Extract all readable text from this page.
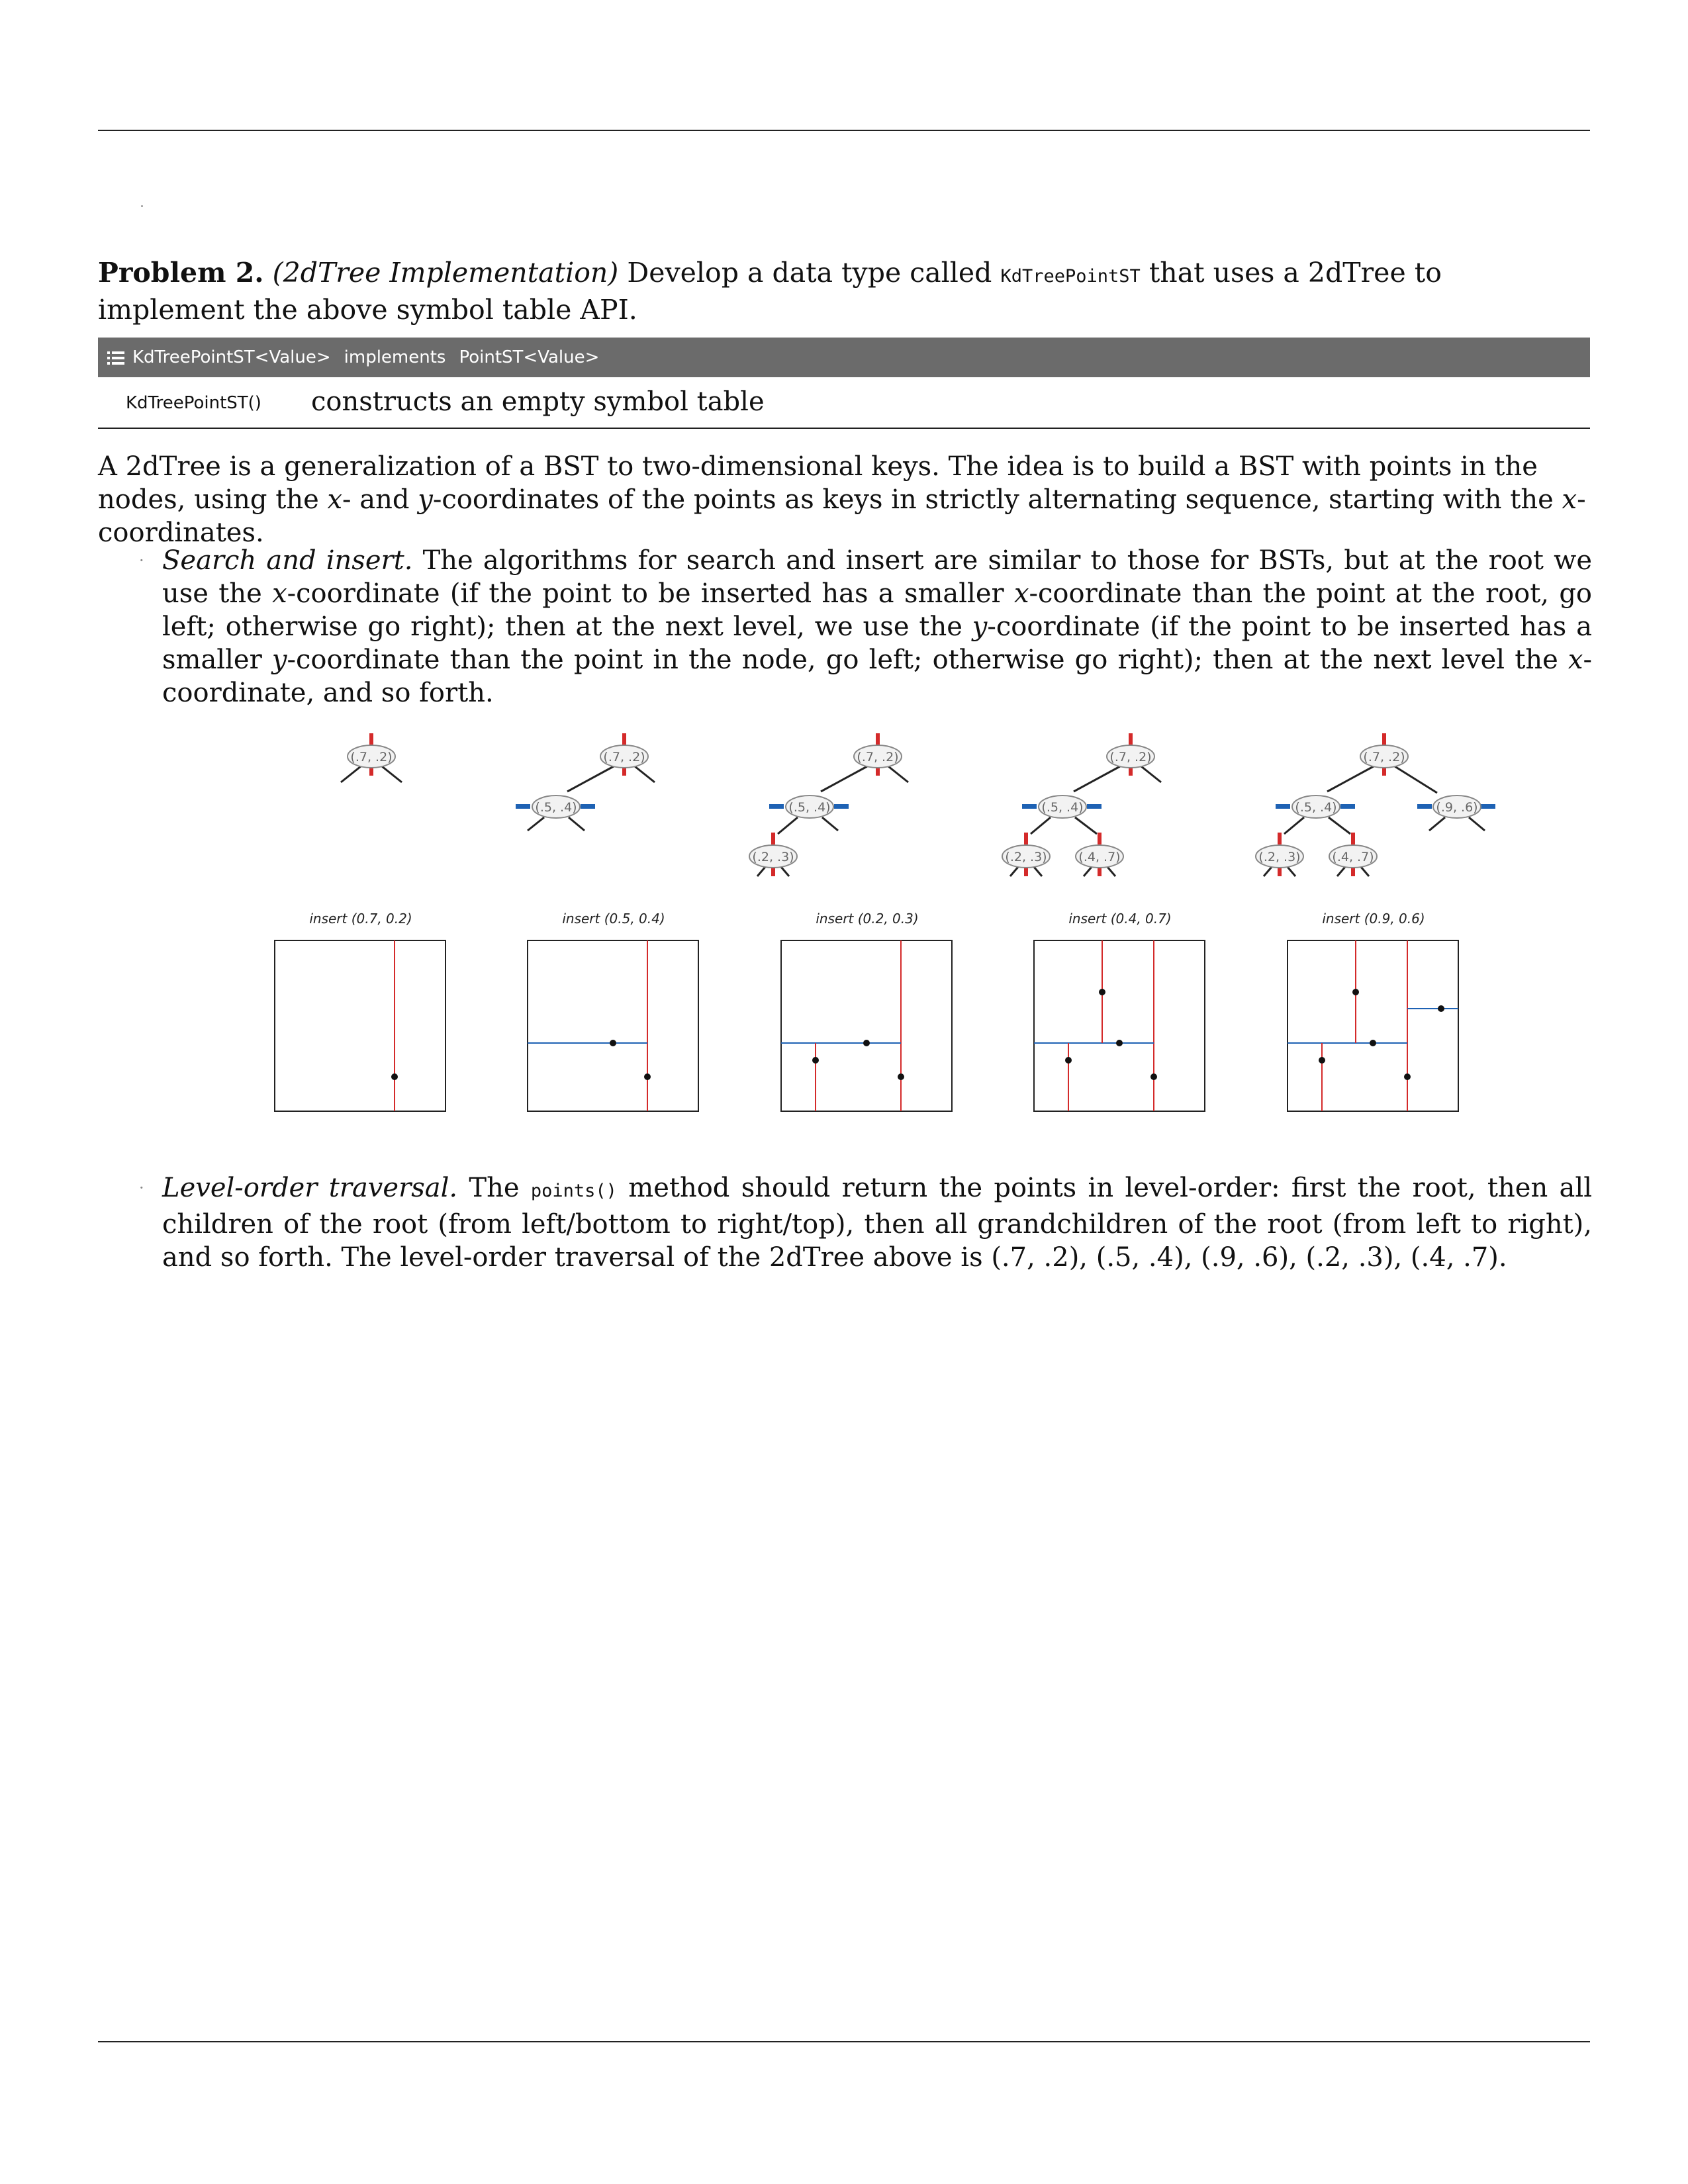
Problem 2. (2dTree Implementation) Develop a data type called KdTreePointST that uses a 2dTree to implement the above symbol table API.
KdTreePointST<Value> implements PointST<Value>
KdTreePointST() constructs an empty symbol table
A 2dTree is a generalization of a BST to two-dimensional keys. The idea is to build a BST with points in the nodes, using the x- and y-coordinates of the points as keys in strictly alternating sequence, starting with the x-coordinates.
· Search and insert. The algorithms for search and insert are similar to those for BSTs, but at the root we use the x-coordinate (if the point to be inserted has a smaller x-coordinate than the point at the root, go left; otherwise go right); then at the next level, we use the y-coordinate (if the point to be inserted has a smaller y-coordinate than the point in the node, go left; otherwise go right); then at the next level the x-coordinate, and so forth.
(.7, .2)
insert (0.7, 0.2)
(.7, .2)
(.5, .4)
insert (0.5, 0.4)
(.7, .2)
(.5, .4)
(.2, .3)
insert (0.2, 0.3)
(.7, .2)
(.5, .4)
(.2, .3)	(.4, .7)
insert (0.4, 0.7)
(.7, .2)
(.5, .4)
(.2, .3)	(.4, .7)
(.9, .6)
insert (0.9, 0.6)
· Level-order traversal. The points() method should return the points in level-order: first the root, then all children of the root (from left/bottom to right/top), then all grandchildren of the root (from left to right), and so forth. The level-order traversal of the 2dTree above is (.7, .2), (.5, .4), (.9, .6), (.2, .3), (.4, .7).
